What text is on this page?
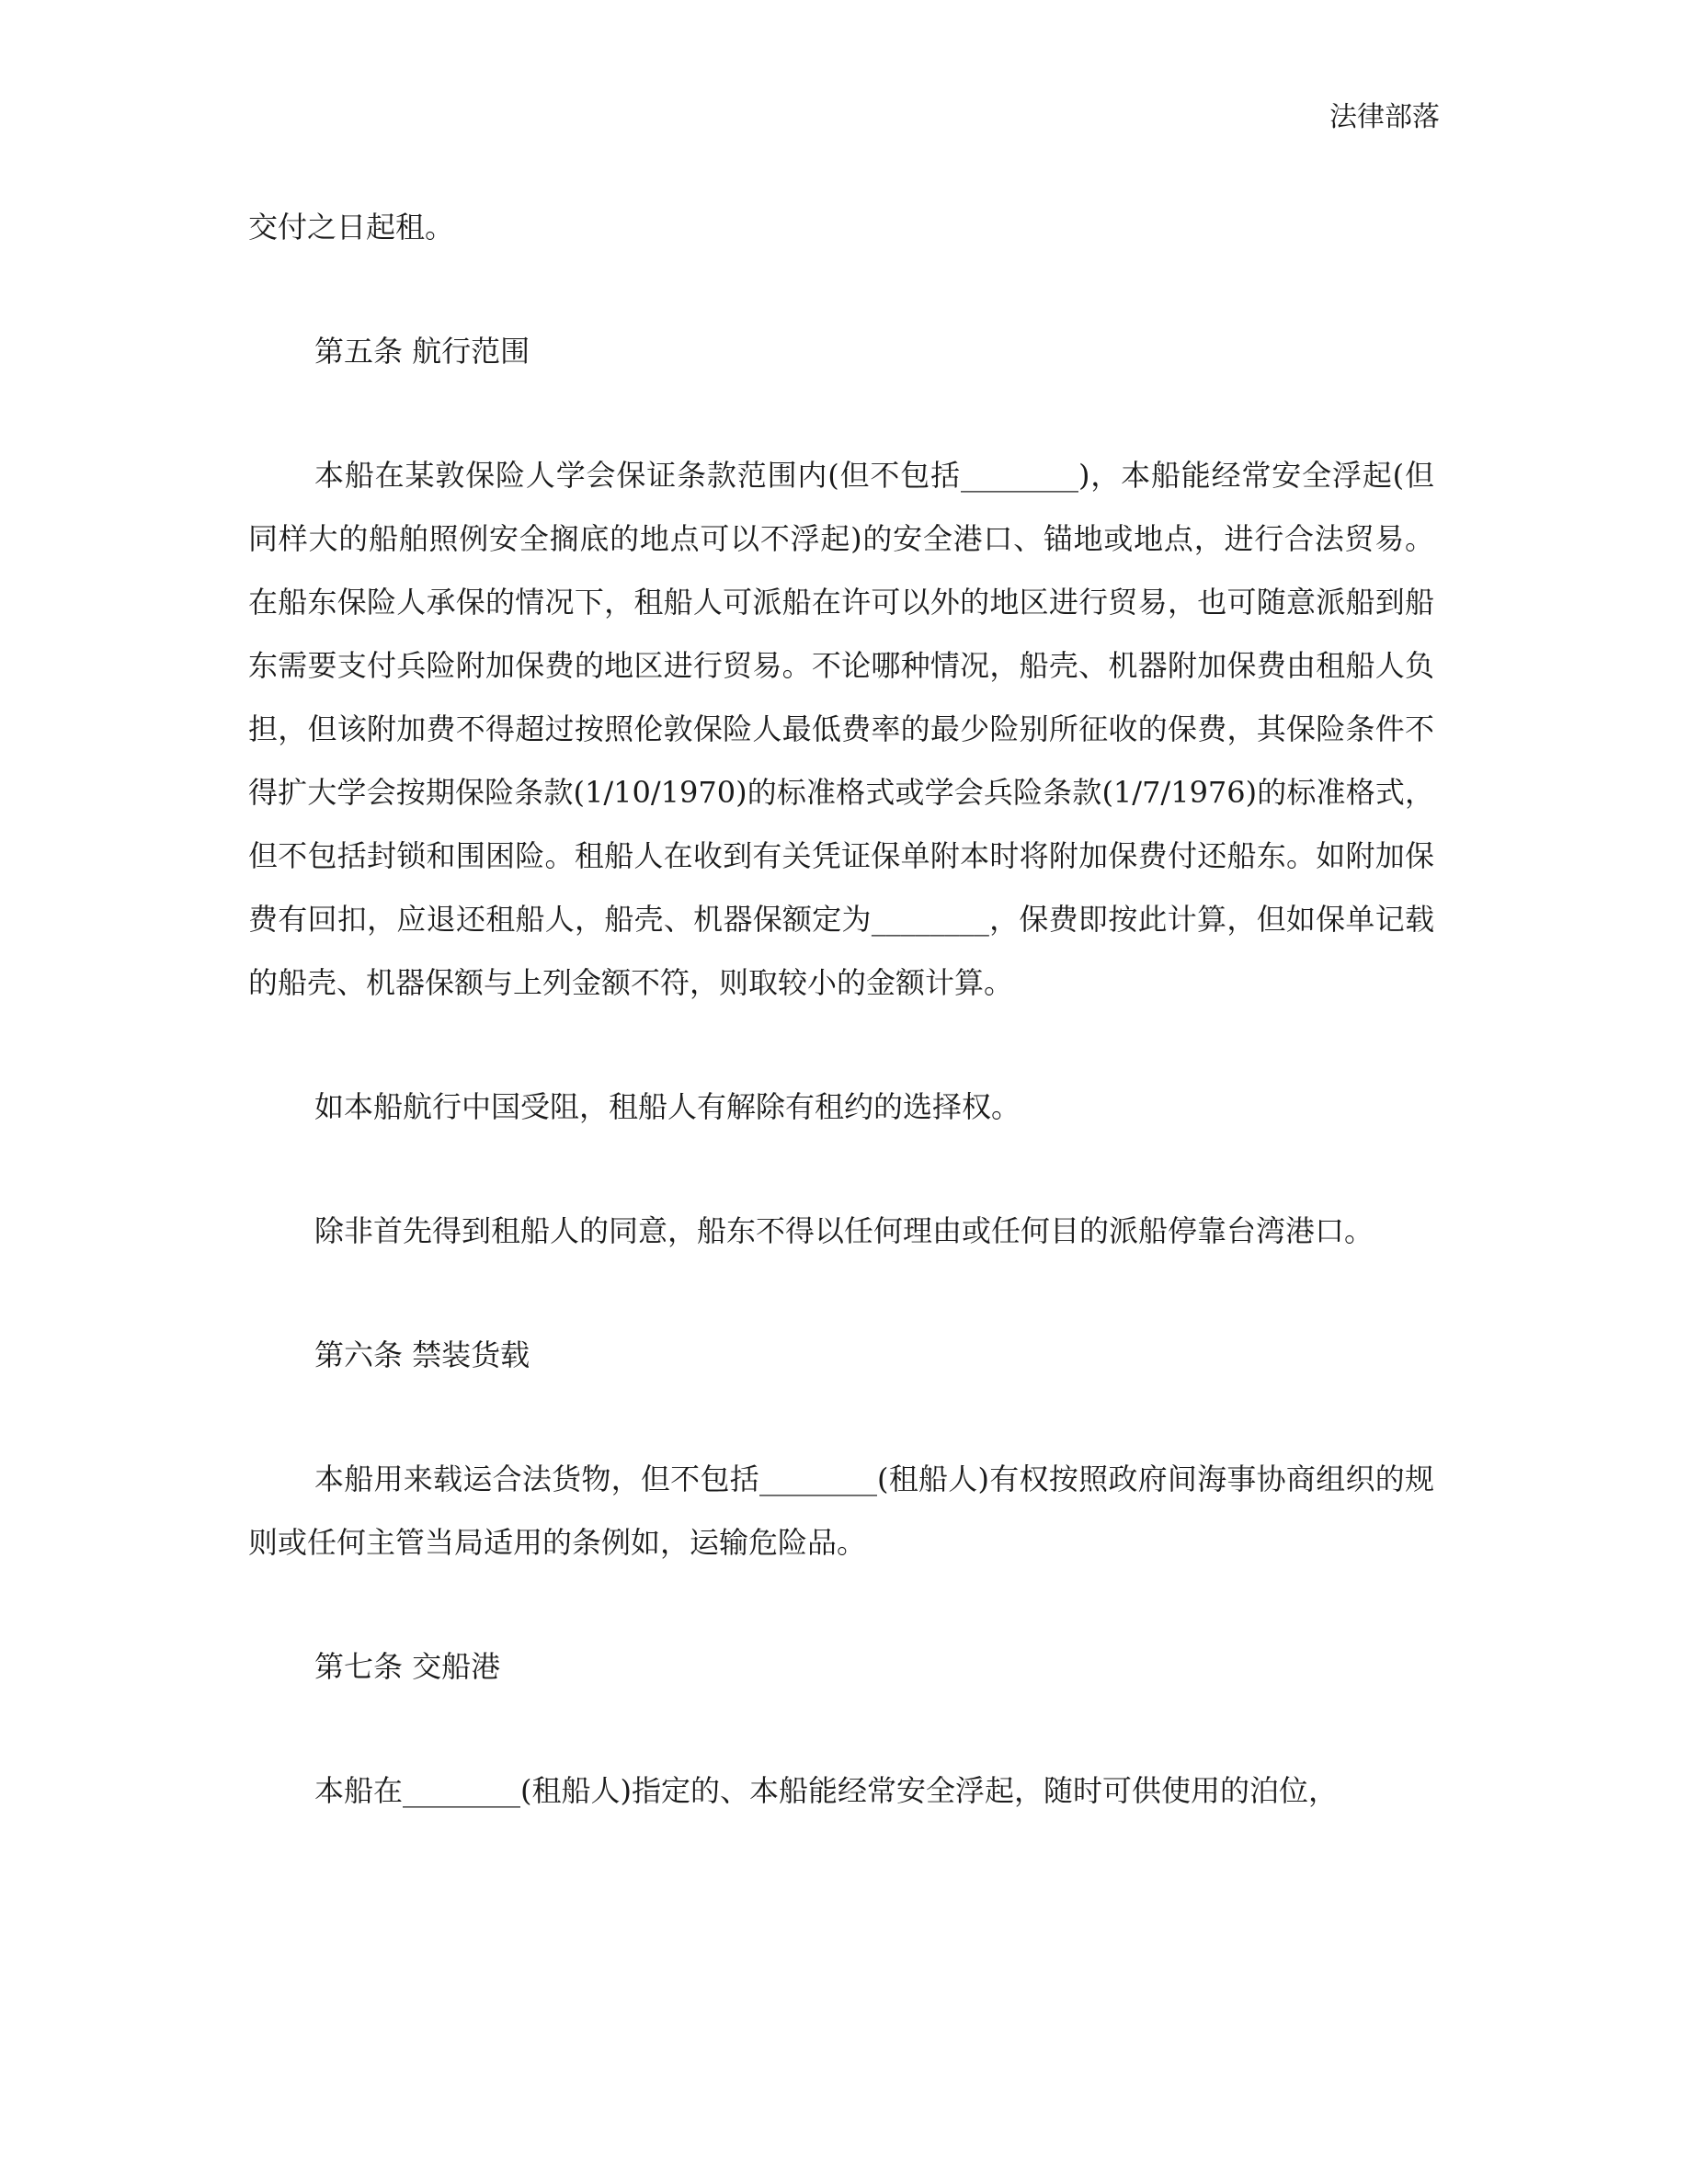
法律部落

交付之日起租。

第五条 航行范围

本船在某敦保险人学会保证条款范围内(但不包括________)，本船能经常安全浮起(但同样大的船舶照例安全搁底的地点可以不浮起)的安全港口、锚地或地点，进行合法贸易。在船东保险人承保的情况下，租船人可派船在许可以外的地区进行贸易，也可随意派船到船东需要支付兵险附加保费的地区进行贸易。不论哪种情况，船壳、机器附加保费由租船人负担，但该附加费不得超过按照伦敦保险人最低费率的最少险别所征收的保费，其保险条件不得扩大学会按期保险条款(1/10/1970)的标准格式或学会兵险条款(1/7/1976)的标准格式，但不包括封锁和围困险。租船人在收到有关凭证保单附本时将附加保费付还船东。如附加保费有回扣，应退还租船人，船壳、机器保额定为________，保费即按此计算，但如保单记载的船壳、机器保额与上列金额不符，则取较小的金额计算。

如本船航行中国受阻，租船人有解除有租约的选择权。

除非首先得到租船人的同意，船东不得以任何理由或任何目的派船停靠台湾港口。

第六条 禁装货载

本船用来载运合法货物，但不包括________(租船人)有权按照政府间海事协商组织的规则或任何主管当局适用的条例如，运输危险品。

第七条 交船港

本船在________(租船人)指定的、本船能经常安全浮起，随时可供使用的泊位，
